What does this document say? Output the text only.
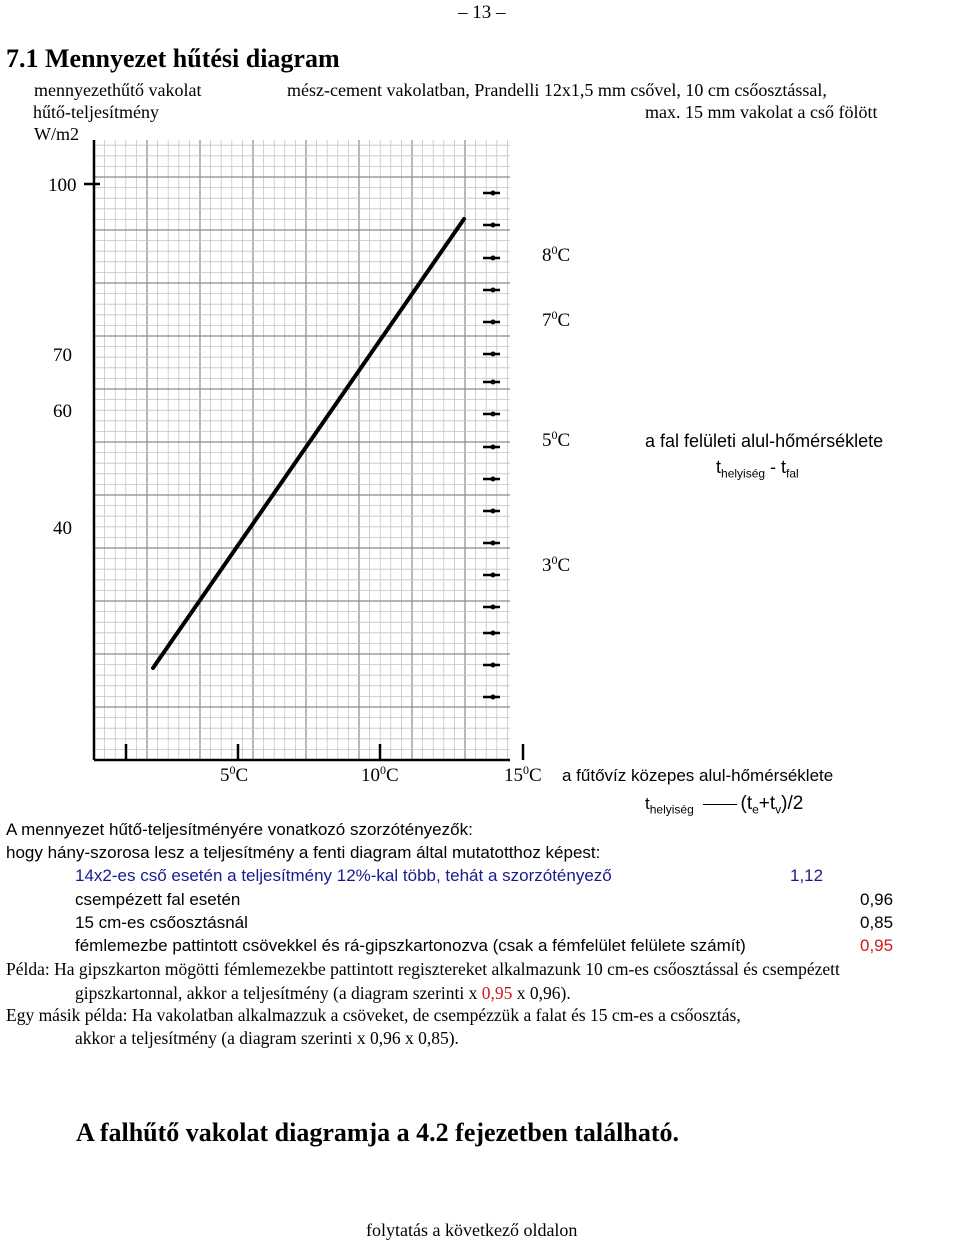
– 13 –
7.1 Mennyezet hűtési diagram
mennyezethűtő vakolat
hűtő-teljesítmény
W/m2
mész-cement vakolatban, Prandelli 12x1,5 mm csővel, 10 cm csőosztással,
max. 15 mm vakolat a cső fölött
100
70
60
40
$8^0C$
$7^0C$
$5^0C$
$3^0C$
a fal felületi alul-hőmérséklete
$t_{helyiség} - t_{fal}$
$5^0C$	$10^0C$	$15^0C$ a fűtővíz közepes alul-hőmérséklete
$t_{helyiség}$ $(t_e+t_v)/2$
A mennyezet hűtő-teljesítményére vonatkozó szorzótényezők:
hogy hány-szorosa lesz a teljesítmény a fenti diagram által mutatotthoz képest:
14x2-es cső esetén a teljesítmény 12%-kal több, tehát a szorzótényező	1,12
csempézett fal esetén	0,96
15 cm-es csőosztásnál	0,85
fémlemezbe pattintott csövekkel és rá-gipszkartonozva (csak a fémfelület felülete számít)	0,95
Példa: Ha gipszkarton mögötti fémlemezekbe pattintott regisztereket alkalmazunk 10 cm-es csőosztással és csempézett
gipszkartonnal, akkor a teljesítmény (a diagram szerinti x 0,95 x 0,96).
Egy másik példa: Ha vakolatban alkalmazzuk a csöveket, de csempézzük a falat és 15 cm-es a csőosztás,
akkor a teljesítmény (a diagram szerinti x 0,96 x 0,85).
A falhűtő vakolat diagramja a 4.2 fejezetben található.
folytatás a következő oldalon
